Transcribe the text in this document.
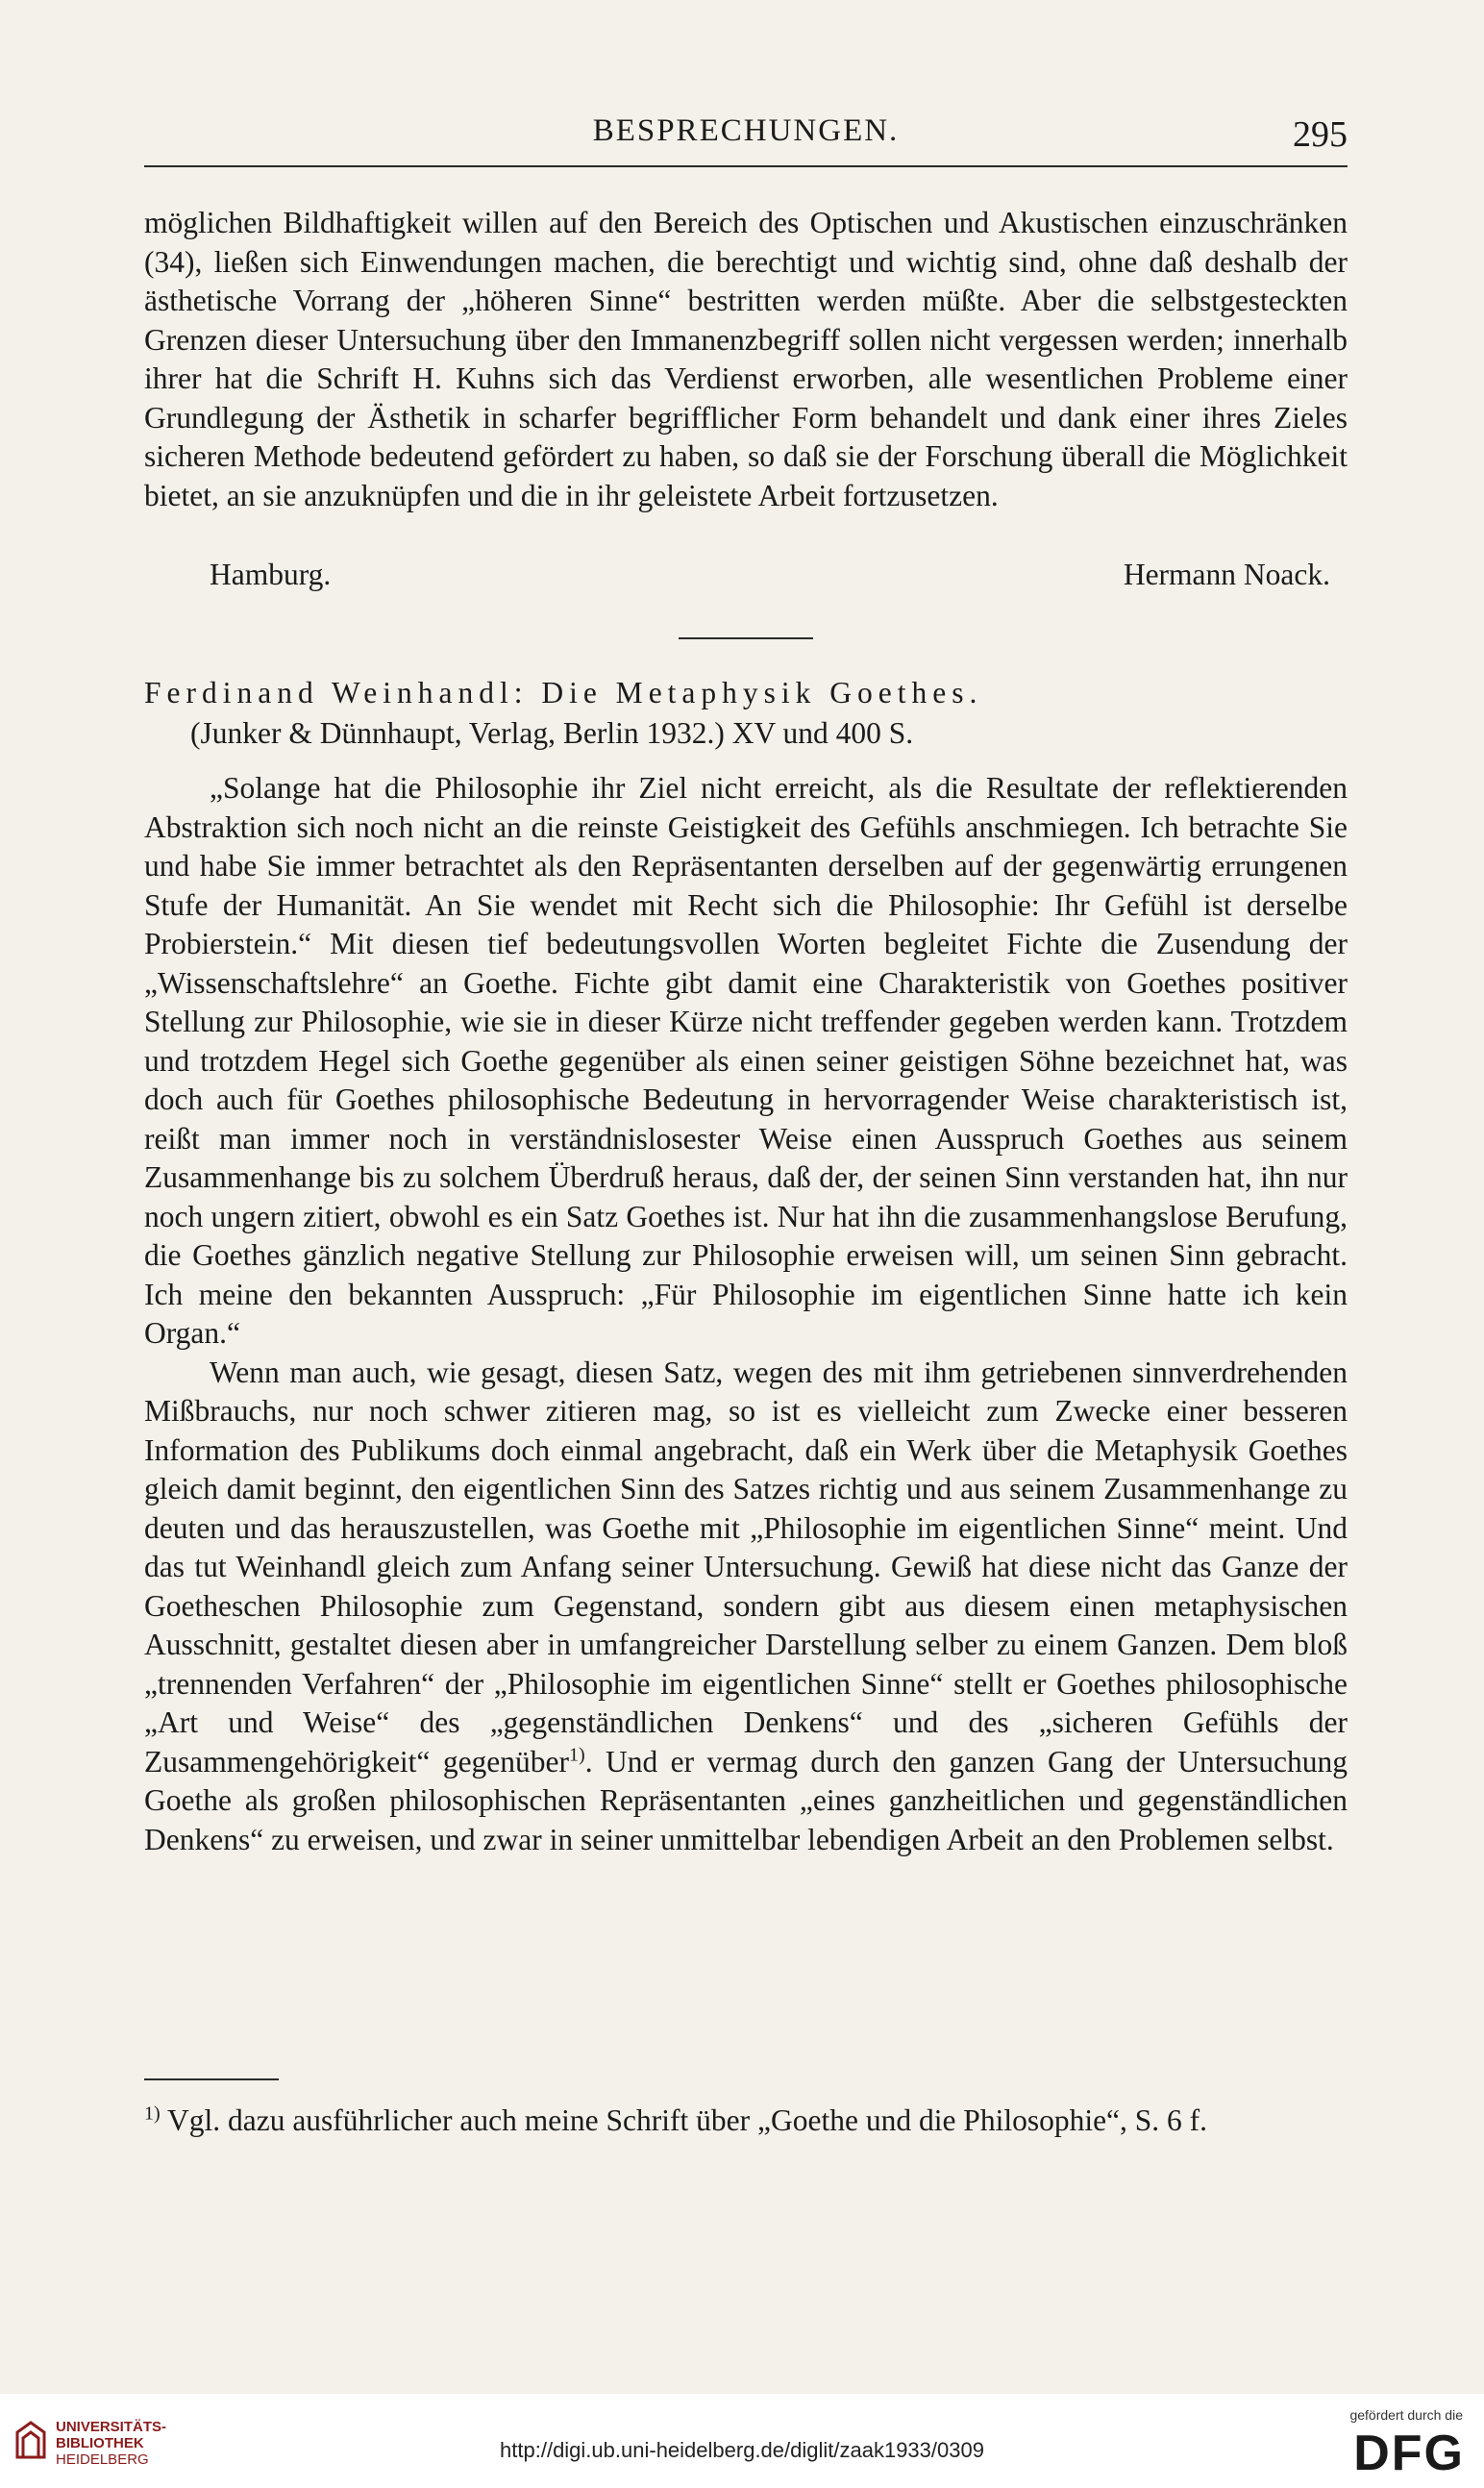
BESPRECHUNGEN.	295

möglichen Bildhaftigkeit willen auf den Bereich des Optischen und Akustischen einzuschränken (34), ließen sich Einwendungen machen, die berechtigt und wichtig sind, ohne daß deshalb der ästhetische Vorrang der „höheren Sinne“ bestritten werden müßte. Aber die selbstgesteckten Grenzen dieser Untersuchung über den Immanenzbegriff sollen nicht vergessen werden; innerhalb ihrer hat die Schrift H. Kuhns sich das Verdienst erworben, alle wesentlichen Probleme einer Grundlegung der Ästhetik in scharfer begrifflicher Form behandelt und dank einer ihres Zieles sicheren Methode bedeutend gefördert zu haben, so daß sie der Forschung überall die Möglichkeit bietet, an sie anzuknüpfen und die in ihr geleistete Arbeit fortzusetzen.

Hamburg.	Hermann Noack.
Ferdinand Weinhandl: Die Metaphysik Goethes.
(Junker & Dünnhaupt, Verlag, Berlin 1932.) XV und 400 S.

„Solange hat die Philosophie ihr Ziel nicht erreicht, als die Resultate der reflektierenden Abstraktion sich noch nicht an die reinste Geistigkeit des Gefühls anschmiegen. Ich betrachte Sie und habe Sie immer betrachtet als den Repräsentanten derselben auf der gegenwärtig errungenen Stufe der Humanität. An Sie wendet mit Recht sich die Philosophie: Ihr Gefühl ist derselbe Probierstein.“ Mit diesen tief bedeutungsvollen Worten begleitet Fichte die Zusendung der „Wissenschaftslehre“ an Goethe. Fichte gibt damit eine Charakteristik von Goethes positiver Stellung zur Philosophie, wie sie in dieser Kürze nicht treffender gegeben werden kann. Trotzdem und trotzdem Hegel sich Goethe gegenüber als einen seiner geistigen Söhne bezeichnet hat, was doch auch für Goethes philosophische Bedeutung in hervorragender Weise charakteristisch ist, reißt man immer noch in verständnislosester Weise einen Ausspruch Goethes aus seinem Zusammenhange bis zu solchem Überdruß heraus, daß der, der seinen Sinn verstanden hat, ihn nur noch ungern zitiert, obwohl es ein Satz Goethes ist. Nur hat ihn die zusammenhangslose Berufung, die Goethes gänzlich negative Stellung zur Philosophie erweisen will, um seinen Sinn gebracht. Ich meine den bekannten Ausspruch: „Für Philosophie im eigentlichen Sinne hatte ich kein Organ.“

Wenn man auch, wie gesagt, diesen Satz, wegen des mit ihm getriebenen sinnverdrehenden Mißbrauchs, nur noch schwer zitieren mag, so ist es vielleicht zum Zwecke einer besseren Information des Publikums doch einmal angebracht, daß ein Werk über die Metaphysik Goethes gleich damit beginnt, den eigentlichen Sinn des Satzes richtig und aus seinem Zusammenhange zu deuten und das herauszustellen, was Goethe mit „Philosophie im eigentlichen Sinne“ meint. Und das tut Weinhandl gleich zum Anfang seiner Untersuchung. Gewiß hat diese nicht das Ganze der Goetheschen Philosophie zum Gegenstand, sondern gibt aus diesem einen metaphysischen Ausschnitt, gestaltet diesen aber in umfangreicher Darstellung selber zu einem Ganzen. Dem bloß „trennenden Verfahren“ der „Philosophie im eigentlichen Sinne“ stellt er Goethes philosophische „Art und Weise“ des „gegenständlichen Denkens“ und des „sicheren Gefühls der Zusammengehörigkeit“ gegenüber$^{1)}$. Und er vermag durch den ganzen Gang der Untersuchung Goethe als großen philosophischen Repräsentanten „eines ganzheitlichen und gegenständlichen Denkens“ zu erweisen, und zwar in seiner unmittelbar lebendigen Arbeit an den Problemen selbst.

$^{1)}$ Vgl. dazu ausführlicher auch meine Schrift über „Goethe und die Philosophie“, S. 6 f.
UNIVERSITÄTS-
BIBLIOTHEK
HEIDELBERG	http://digi.ub.uni-heidelberg.de/diglit/zaak1933/0309
gefördert durch die
DFG
